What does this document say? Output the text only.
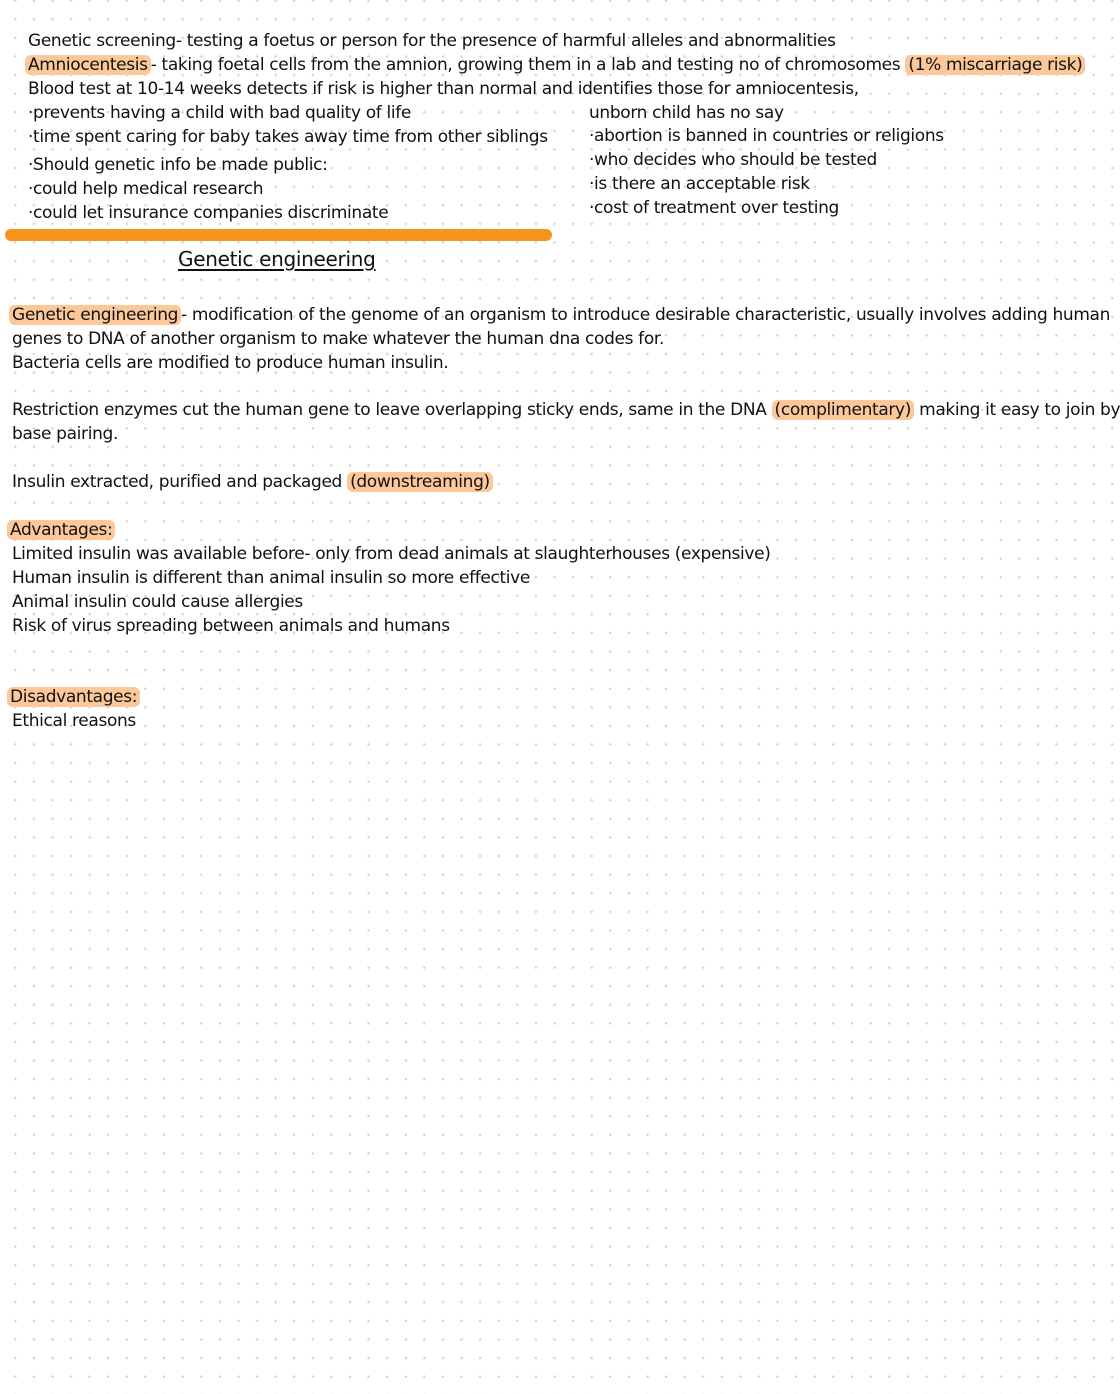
Genetic screening- testing a foetus or person for the presence of harmful alleles and abnormalities
Amniocentesis - taking foetal cells from the amnion, growing them in a lab and testing no of chromosomes (1% miscarriage risk)
Blood test at 10-14 weeks detects if risk is higher than normal and identifies those for amniocentesis,
·prevents having a child with bad quality of life
·time spent caring for baby takes away time from other siblings
·Should genetic info be made public:
·could help medical research
·could let insurance companies discriminate
unborn child has no say
·abortion is banned in countries or religions
·who decides who should be tested
·is there an acceptable risk
·cost of treatment over testing
Genetic engineering
Genetic engineering - modification of the genome of an organism to introduce desirable characteristic, usually involves adding human
genes to DNA of another organism to make whatever the human dna codes for.
Bacteria cells are modified to produce human insulin.
Restriction enzymes cut the human gene to leave overlapping sticky ends, same in the DNA (complimentary) making it easy to join by
base pairing.
Insulin extracted, purified and packaged (downstreaming)
Advantages:
Limited insulin was available before- only from dead animals at slaughterhouses (expensive)
Human insulin is different than animal insulin so more effective
Animal insulin could cause allergies
Risk of virus spreading between animals and humans
Disadvantages:
Ethical reasons
